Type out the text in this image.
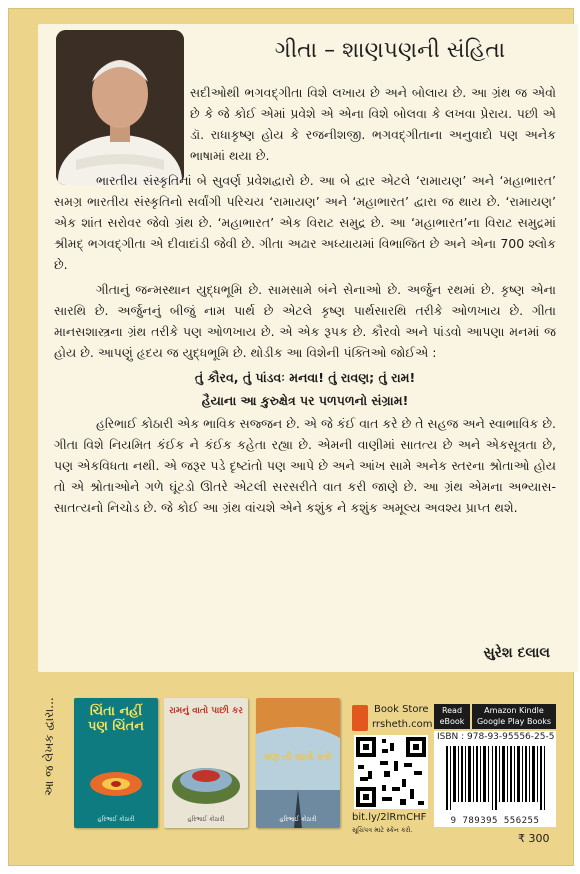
ગીતા – શાણપણની સંહિતા

સદીઓથી ભગવદ્‌ગીતા વિશે લખાય છે અને બોલાય છે. આ ગ્રંથ જ એવો છે કે જે કોઈ એમાં પ્રવેશે એ એના વિશે બોલવા કે લખવા પ્રેરાય. પછી એ ડૉ. રાધાકૃષ્ણ હોય કે રજનીશજી. ભગવદ્‌ગીતાના અનુવાદો પણ અનેક ભાષામાં થયા છે.

ભારતીય સંસ્કૃતિનાં બે સુવર્ણ પ્રવેશદ્વારો છે. આ બે દ્વાર એટલે ‘રામાયણ’ અને ‘મહાભારત’ સમગ્ર ભારતીય સંસ્કૃતિનો સર્વાંગી પરિચય ‘રામાયણ’ અને ‘મહાભારત’ દ્વારા જ થાય છે. ‘રામાયણ’ એક શાંત સરોવર જેવો ગ્રંથ છે. ‘મહાભારત’ એક વિરાટ સમુદ્ર છે. આ ‘મહાભારત’ના વિરાટ સમુદ્રમાં શ્રીમદ્‌ ભગવદ્‌ગીતા એ દીવાદાંડી જેવી છે. ગીતા અઢાર અધ્યાયમાં વિભાજિત છે અને એના 700 શ્લોક છે.

ગીતાનું જન્મસ્થાન યુદ્ધભૂમિ છે. સામસામે બંને સેનાઓ છે. અર્જુન રથમાં છે. કૃષ્ણ એના સારથિ છે. અર્જુનનું બીજું નામ પાર્થ છે એટલે કૃષ્ણ પાર્થસારથિ તરીકે ઓળખાય છે. ગીતા માનસશાસ્ત્રના ગ્રંથ તરીકે પણ ઓળખાય છે. એ એક રૂપક છે. કૌરવો અને પાંડવો આપણા મનમાં જ હોય છે. આપણું હૃદય જ યુદ્ધભૂમિ છે. થોડીક આ વિશેની પંક્તિઓ જોઈએ :

તું કૌરવ, તું પાંડવઃ મનવા! તું રાવણ; તું રામ!
હૈયાના આ કુરુક્ષેત્ર પર પળપળનો સંગ્રામ!

હરિભાઈ કોઠારી એક ભાવિક સજ્જન છે. એ જે કંઈ વાત કરે છે તે સહજ અને સ્વાભાવિક છે. ગીતા વિશે નિયમિત કંઈક ને કંઈક કહેતા રહ્યા છે. એમની વાણીમાં સાતત્ય છે અને એકસૂત્રતા છે, પણ એકવિધતા નથી. એ જરૂર પડે દૃષ્ટાંતો પણ આપે છે અને આંખ સામે અનેક સ્તરના શ્રોતાઓ હોય તો એ શ્રોતાઓને ગળે ઘૂંટડો ઊતરે એટલી સરસરીતે વાત કરી જાણે છે. આ ગ્રંથ એમના અભ્યાસ-સાતત્યનો નિચોડ છે. જે કોઈ આ ગ્રંથ વાંચશે એને કશુંક ને કશુંક અમૂલ્ય અવશ્ય પ્રાપ્ત થશે.

સુરેશ દલાલ
આ જ લેખક દ્વારા...	ચિંતા નહીં પણ ચિંતન
હરિભાઈ કોઠારી
રામનું વાતો પાછી કર
હરિભાઈ કોઠારી
ધણ તો વાતો કરો
હરિભાઈ કોઠારી
Book Store
rrsheth.com
bit.ly/2lRmCHF
સૂચિપત્ર માટે સ્કેન કરો.
Read eBook
Amazon Kindle Google Play Books
ISBN : 978-93-95556-25-5
9 789395 556255
₹ 300
